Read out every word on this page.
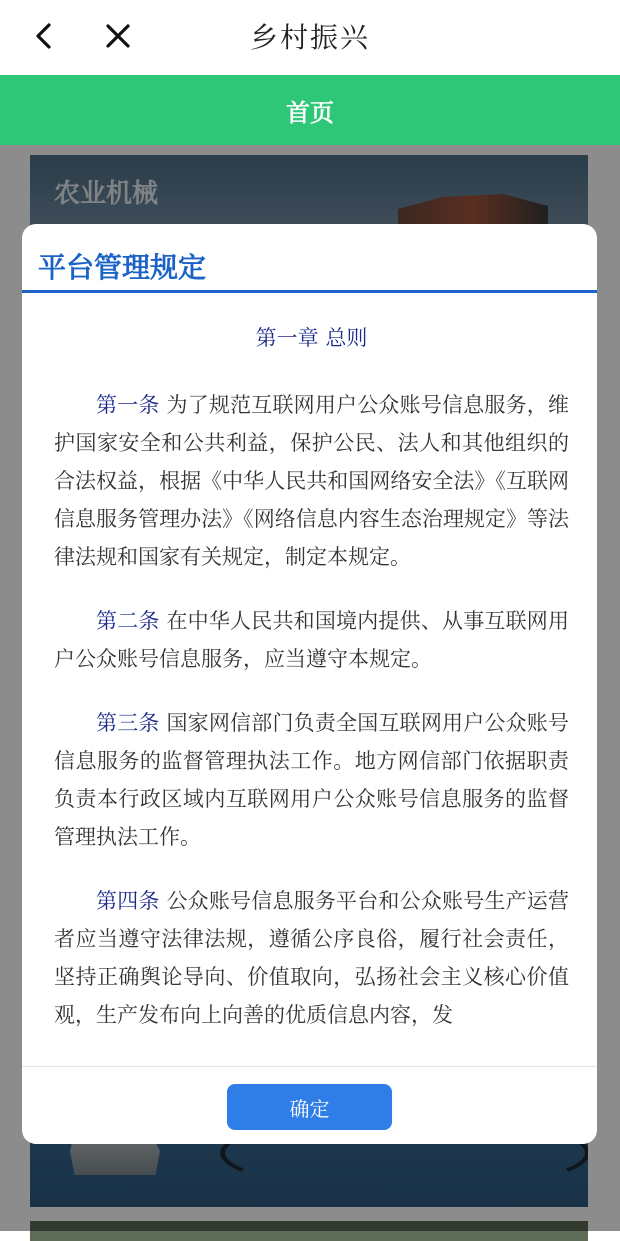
乡村振兴
首页
农业机械
平台管理规定
第一章 总则

第一条 为了规范互联网用户公众账号信息服务，维护国家安全和公共利益，保护公民、法人和其他组织的合法权益，根据《中华人民共和国网络安全法》《互联网信息服务管理办法》《网络信息内容生态治理规定》等法律法规和国家有关规定，制定本规定。

第二条 在中华人民共和国境内提供、从事互联网用户公众账号信息服务，应当遵守本规定。

第三条 国家网信部门负责全国互联网用户公众账号信息服务的监督管理执法工作。地方网信部门依据职责负责本行政区域内互联网用户公众账号信息服务的监督管理执法工作。

第四条 公众账号信息服务平台和公众账号生产运营者应当遵守法律法规，遵循公序良俗，履行社会责任，坚持正确舆论导向、价值取向，弘扬社会主义核心价值观，生产发布向上向善的优质信息内容，发

确定
